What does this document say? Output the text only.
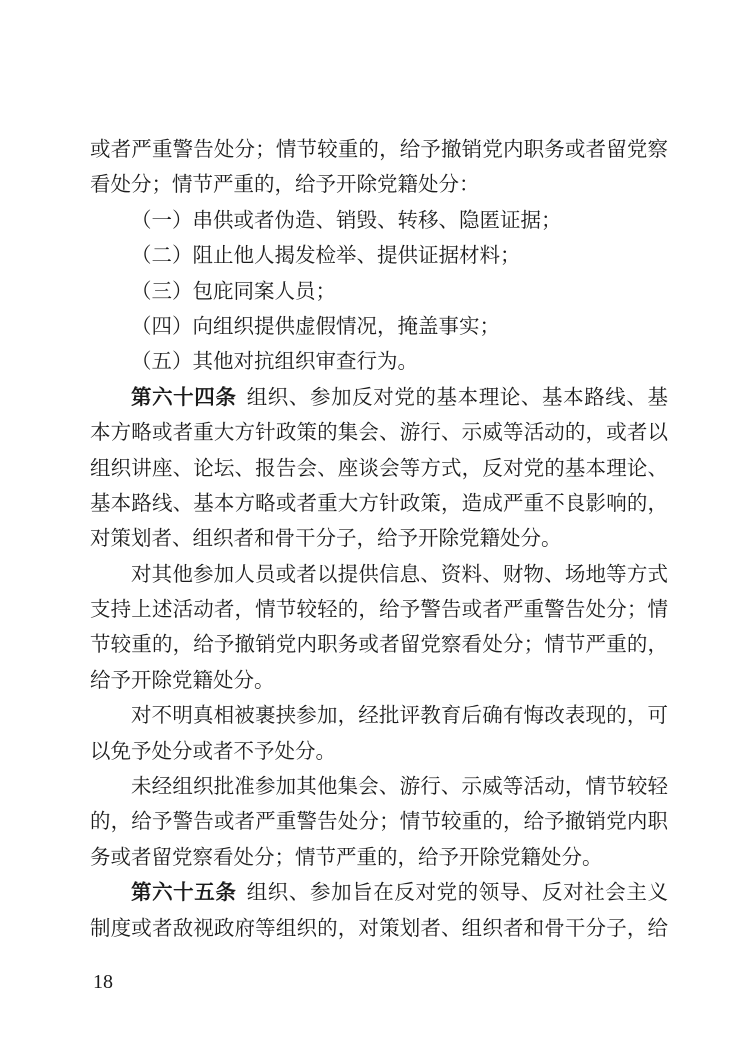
或者严重警告处分；情节较重的，给予撤销党内职务或者留党察
看处分；情节严重的，给予开除党籍处分：
（一）串供或者伪造、销毁、转移、隐匿证据；
（二）阻止他人揭发检举、提供证据材料；
（三）包庇同案人员；
（四）向组织提供虚假情况，掩盖事实；
（五）其他对抗组织审查行为。
第六十四条 组织、参加反对党的基本理论、基本路线、基
本方略或者重大方针政策的集会、游行、示威等活动的，或者以
组织讲座、论坛、报告会、座谈会等方式，反对党的基本理论、
基本路线、基本方略或者重大方针政策，造成严重不良影响的，
对策划者、组织者和骨干分子，给予开除党籍处分。
对其他参加人员或者以提供信息、资料、财物、场地等方式
支持上述活动者，情节较轻的，给予警告或者严重警告处分；情
节较重的，给予撤销党内职务或者留党察看处分；情节严重的，
给予开除党籍处分。
对不明真相被裹挟参加，经批评教育后确有悔改表现的，可
以免予处分或者不予处分。
未经组织批准参加其他集会、游行、示威等活动，情节较轻
的，给予警告或者严重警告处分；情节较重的，给予撤销党内职
务或者留党察看处分；情节严重的，给予开除党籍处分。
第六十五条 组织、参加旨在反对党的领导、反对社会主义
制度或者敌视政府等组织的，对策划者、组织者和骨干分子，给
18
